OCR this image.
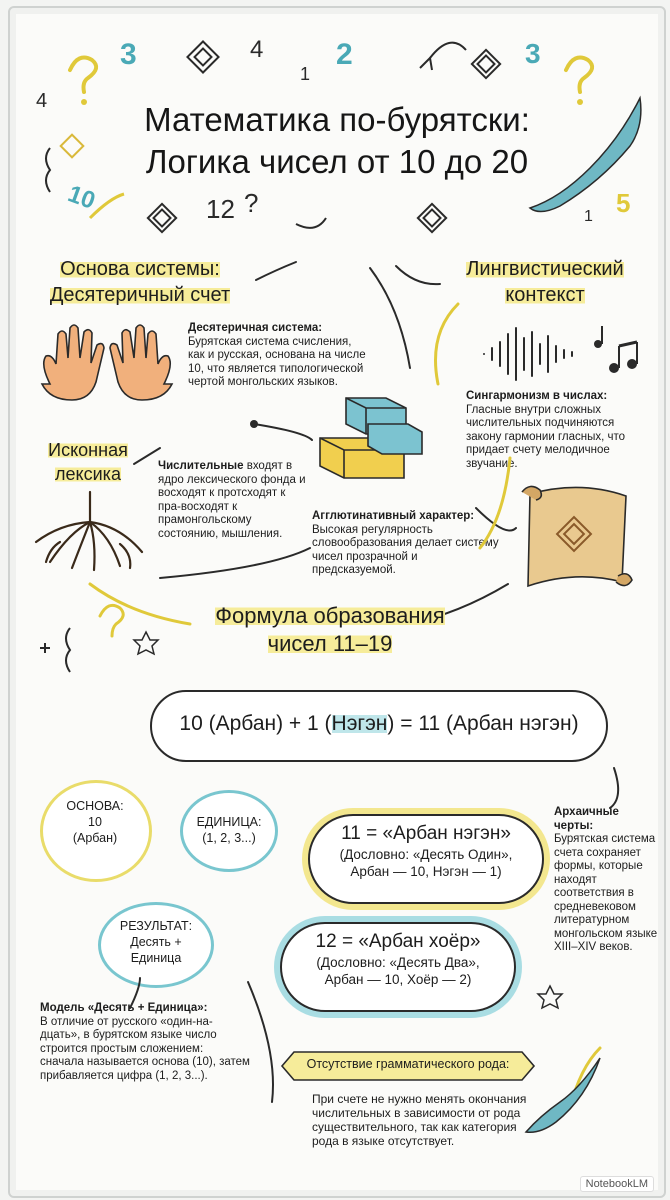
3	4 2	3
4
1
10	12	5
1
?
Математика по-бурятски:
Логика чисел от 10 до 20
Основа системы:
Десятеричный счет
Десятеричная система: Бурятская система счисления, как и русская, основана на числе 10, что является типологической чертой монгольских языков.
Лингвистический
контекст
Сингармонизм в числах:
Гласные внутри сложных числительных подчиняются закону гармонии гласных, что придает счету мелодичное звучание.
Исконная
лексика	Числительные входят в ядро лексического фонда и восходят к протсходят к пра-восходят к прамонгольскому состоянию, мышления.
Агглютинативный характер:
Высокая регулярность словообразования делает систему чисел прозрачной и предсказуемой.
Формула образования
чисел 11–19
10 (Арбан) + 1 (Нэгэн) = 11 (Арбан нэгэн)
ОСНОВА:
10
(Арбан)
ЕДИНИЦА:
(1, 2, 3...)
РЕЗУЛЬТАТ:
Десять +
Единица
11 = «Арбан нэгэн»
(Дословно: «Десять Один»,
Арбан — 10, Нэгэн — 1)
12 = «Арбан хоёр»
(Дословно: «Десять Два»,
Арбан — 10, Хоёр — 2)
Архаичные черты:
Бурятская система счета сохраняет формы, которые находят соответствия в средневековом литературном монгольском языке XIII–XIV веков.
Модель «Десять + Единица»:
В отличие от русского «один-на-дцать», в бурятском языке число строится простым сложением: сначала называется основа (10), затем прибавляется цифра (1, 2, 3...).
Отсутствие грамматического рода:
При счете не нужно менять окончания числительных в зависимости от рода существительного, так как категория рода в языке отсутствует.
NotebookLM
